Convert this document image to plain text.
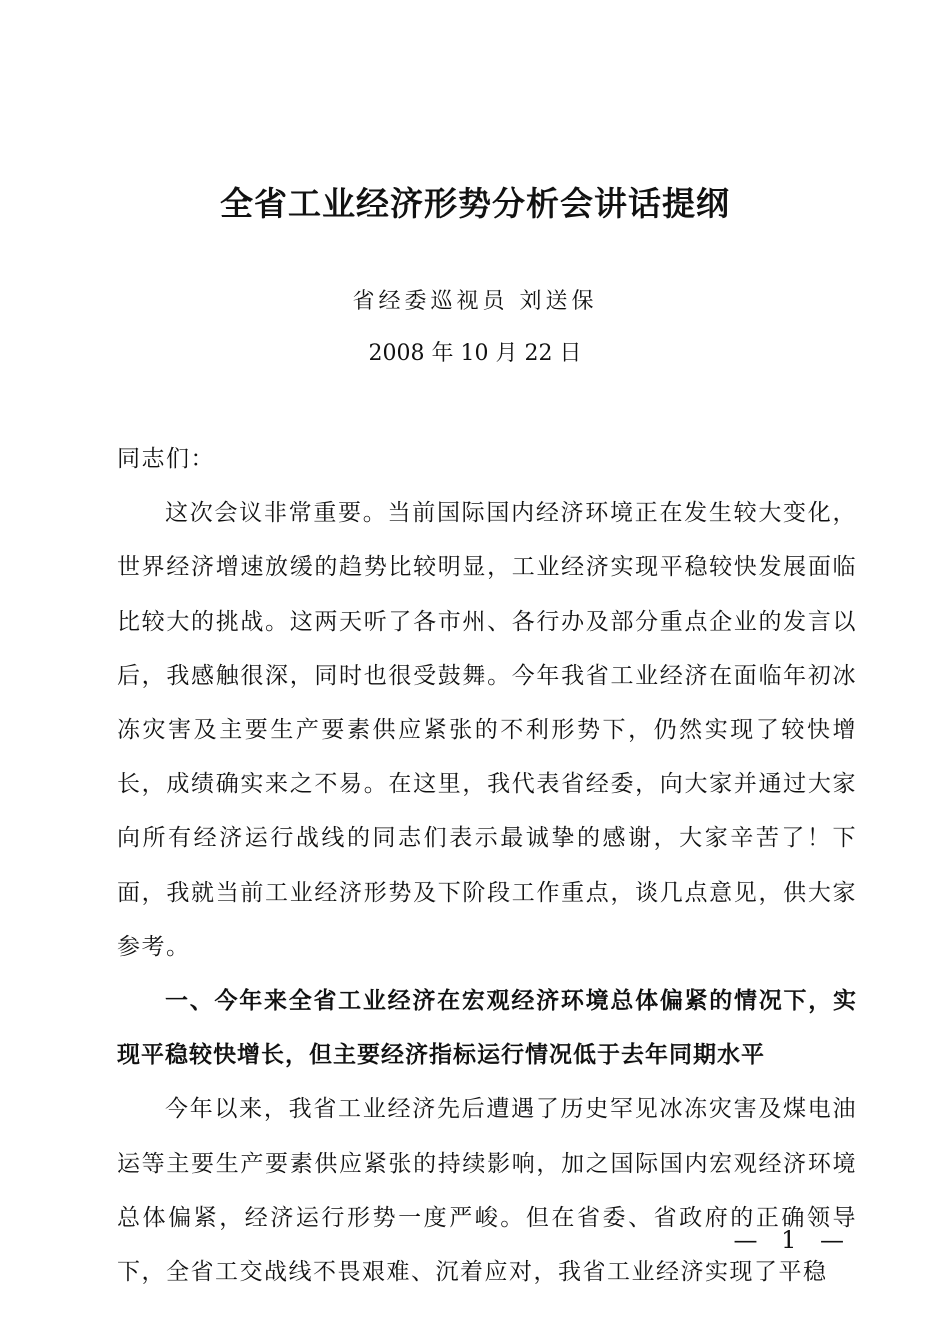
全省工业经济形势分析会讲话提纲
省经委巡视员 刘送保
2008 年 10 月 22 日

同志们：

这次会议非常重要。当前国际国内经济环境正在发生较大变化，世界经济增速放缓的趋势比较明显，工业经济实现平稳较快发展面临比较大的挑战。这两天听了各市州、各行办及部分重点企业的发言以后，我感触很深，同时也很受鼓舞。今年我省工业经济在面临年初冰冻灾害及主要生产要素供应紧张的不利形势下，仍然实现了较快增长，成绩确实来之不易。在这里，我代表省经委，向大家并通过大家向所有经济运行战线的同志们表示最诚挚的感谢，大家辛苦了！下面，我就当前工业经济形势及下阶段工作重点，谈几点意见，供大家参考。

一、今年来全省工业经济在宏观经济环境总体偏紧的情况下，实现平稳较快增长，但主要经济指标运行情况低于去年同期水平

今年以来，我省工业经济先后遭遇了历史罕见冰冻灾害及煤电油运等主要生产要素供应紧张的持续影响，加之国际国内宏观经济环境总体偏紧，经济运行形势一度严峻。但在省委、省政府的正确领导下，全省工交战线不畏艰难、沉着应对，我省工业经济实现了平稳

— 1 —
